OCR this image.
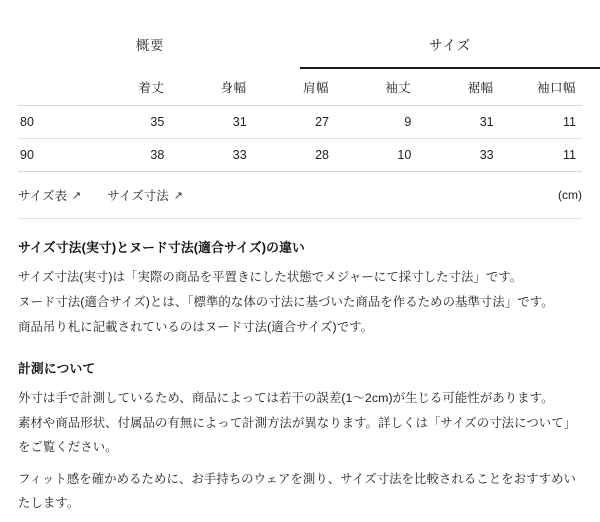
概要	サイズ
	着丈	身幅	肩幅	袖丈	裾幅	袖口幅
80	35	31	27	9	31	11
90	38	33	28	10	33	11
サイズ表 ↗ サイズ寸法 ↗	(cm)
サイズ寸法(実寸)とヌード寸法(適合サイズ)の違い

サイズ寸法(実寸)は「実際の商品を平置きにした状態でメジャーにて採寸した寸法」です。

ヌード寸法(適合サイズ)とは、「標準的な体の寸法に基づいた商品を作るための基準寸法」です。

商品吊り札に記載されているのはヌード寸法(適合サイズ)です。

計測について

外寸は手で計測しているため、商品によっては若干の誤差(1〜2cm)が生じる可能性があります。

素材や商品形状、付属品の有無によって計測方法が異なります。詳しくは「サイズの寸法について」をご覧ください。

フィット感を確かめるために、お手持ちのウェアを測り、サイズ寸法を比較されることをおすすめいたします。
